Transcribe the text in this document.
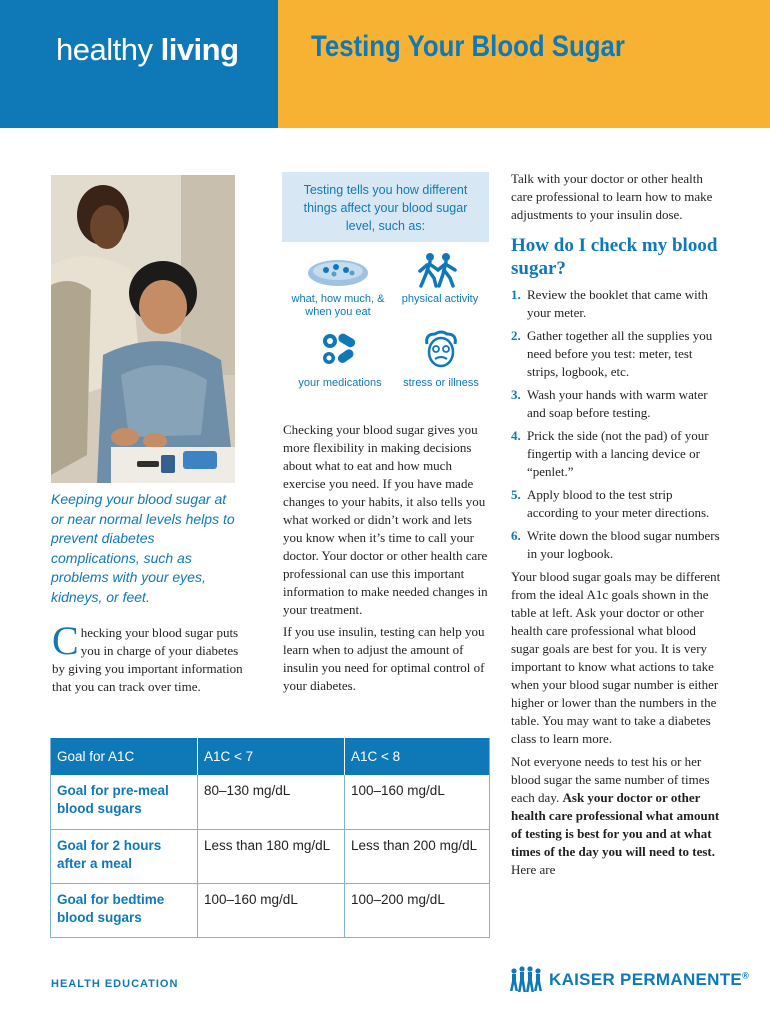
healthy living Testing Your Blood Sugar
Keeping your blood sugar at or near normal levels helps to prevent diabetes complications, such as problems with your eyes, kidneys, or feet.
Checking your blood sugar puts you in charge of your diabetes by giving you important information that you can track over time.
Testing tells you how different things affect your blood sugar level, such as:
what, how much, & when you eat
physical activity
your medications	stress or illness

Checking your blood sugar gives you more flexibility in making decisions about what to eat and how much exercise you need. If you have made changes to your habits, it also tells you what worked or didn’t work and lets you know when it’s time to call your doctor. Your doctor or other health care professional can use this important information to make needed changes in your treatment.

If you use insulin, testing can help you learn when to adjust the amount of insulin you need for optimal control of your diabetes.

Talk with your doctor or other health care professional to learn how to make adjustments to your insulin dose.

How do I check my blood sugar?
1. Review the booklet that came with your meter.
2. Gather together all the supplies you need before you test: meter, test strips, logbook, etc.
3. Wash your hands with warm water and soap before testing.
4. Prick the side (not the pad) of your fingertip with a lancing device or “penlet.”
5. Apply blood to the test strip according to your meter directions.
6. Write down the blood sugar numbers in your logbook.

Your blood sugar goals may be different from the ideal A1c goals shown in the table at left. Ask your doctor or other health care professional what blood sugar goals are best for you. It is very important to know what actions to take when your blood sugar number is either higher or lower than the numbers in the table. You may want to take a diabetes class to learn more.

Not everyone needs to test his or her blood sugar the same number of times each day. Ask your doctor or other health care professional what amount of testing is best for you and at what times of the day you will need to test. Here are

Goal for A1C	A1C < 7	A1C < 8
Goal for pre-meal blood sugars	80–130 mg/dL	100–160 mg/dL
Goal for 2 hours after a meal	Less than 180 mg/dL	Less than 200 mg/dL
Goal for bedtime blood sugars	100–160 mg/dL	100–200 mg/dL
HEALTH EDUCATION	KAISER PERMANENTE®
